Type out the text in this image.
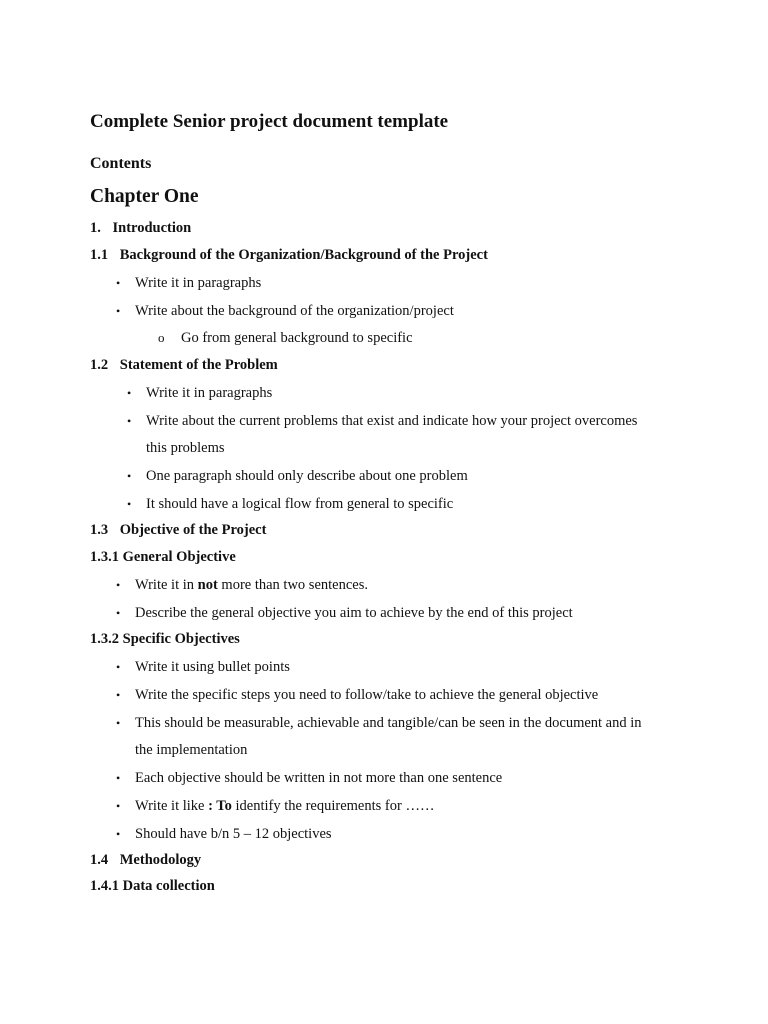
Complete Senior project document template
Contents
Chapter One
1. Introduction
1.1 Background of the Organization/Background of the Project
• Write it in paragraphs
• Write about the background of the organization/project
o Go from general background to specific
1.2 Statement of the Problem
• Write it in paragraphs
• Write about the current problems that exist and indicate how your project overcomes
this problems
• One paragraph should only describe about one problem
• It should have a logical flow from general to specific
1.3 Objective of the Project
1.3.1 General Objective
• Write it in not more than two sentences.
• Describe the general objective you aim to achieve by the end of this project
1.3.2 Specific Objectives
• Write it using bullet points
• Write the specific steps you need to follow/take to achieve the general objective
• This should be measurable, achievable and tangible/can be seen in the document and in
the implementation
• Each objective should be written in not more than one sentence
• Write it like : To identify the requirements for ……
• Should have b/n 5 – 12 objectives
1.4 Methodology
1.4.1 Data collection
